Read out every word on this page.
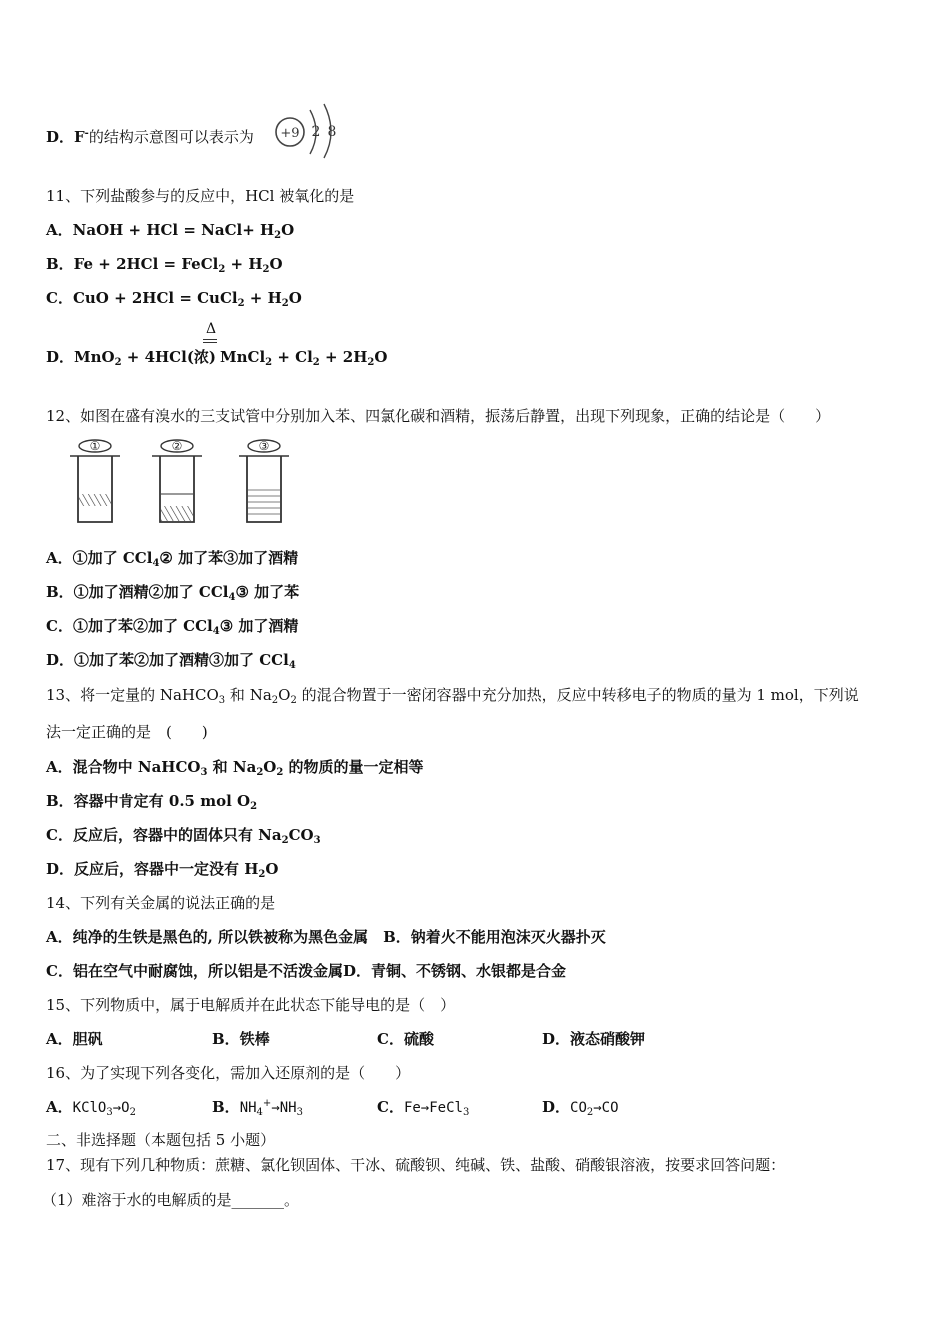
D．F-的结构示意图可以表示为 +9 2 8
11、下列盐酸参与的反应中，HCl 被氧化的是
A．NaOH + HCl = NaCl+ $H_2O$
B．Fe + 2HCl = FeCl$_2$ + $H_2O$
C．CuO + 2HCl = CuCl$_2$ + $H_2O$
Δ
D．MnO$_2$ + 4HCl(浓) MnCl$_2$ + $Cl_2 + 2H_2O$
12、如图在盛有溴水的三支试管中分别加入苯、四氯化碳和酒精，振荡后静置，出现下列现象，正确的结论是（　　）
①	②	③
A．①加了 CCl$_4$② 加了苯③加了酒精
B．①加了酒精②加了 CCl$_4$③ 加了苯
C．①加了苯②加了 CCl$_4$③ 加了酒精
D．①加了苯②加了酒精③加了 CCl$_4$
13、将一定量的 NaHCO$_3$ 和 $Na_2O_2$ 的混合物置于一密闭容器中充分加热，反应中转移电子的物质的量为 1 mol，下列说
法一定正确的是　(　　)
A．混合物中 NaHCO$_3$ 和 $Na_2O_2$ 的物质的量一定相等
B．容器中肯定有 0.5 mol $O_2$
C．反应后，容器中的固体只有 $Na_2CO_3$
D．反应后，容器中一定没有 $H_2O$
14、下列有关金属的说法正确的是
A．纯净的生铁是黑色的, 所以铁被称为黑色金属　B．钠着火不能用泡沫灭火器扑灭
C．铝在空气中耐腐蚀，所以铝是不活泼金属D．青铜、不锈钢、水银都是合金
15、下列物质中，属于电解质并在此状态下能导电的是（　）
A．胆矾	B．铁棒	C．硫酸	D．液态硝酸钾
16、为了实现下列各变化，需加入还原剂的是（　　）
A．$KClO_3\to O_2$	B．$NH_4^+\to NH_3$	C．Fe→FeCl$_3$	D．$CO_2\to CO$
二、非选择题（本题包括 5 小题）
17、现有下列几种物质：蔗糖、氯化钡固体、干冰、硫酸钡、纯碱、铁、盐酸、硝酸银溶液，按要求回答问题：
（1）难溶于水的电解质的是_______。
